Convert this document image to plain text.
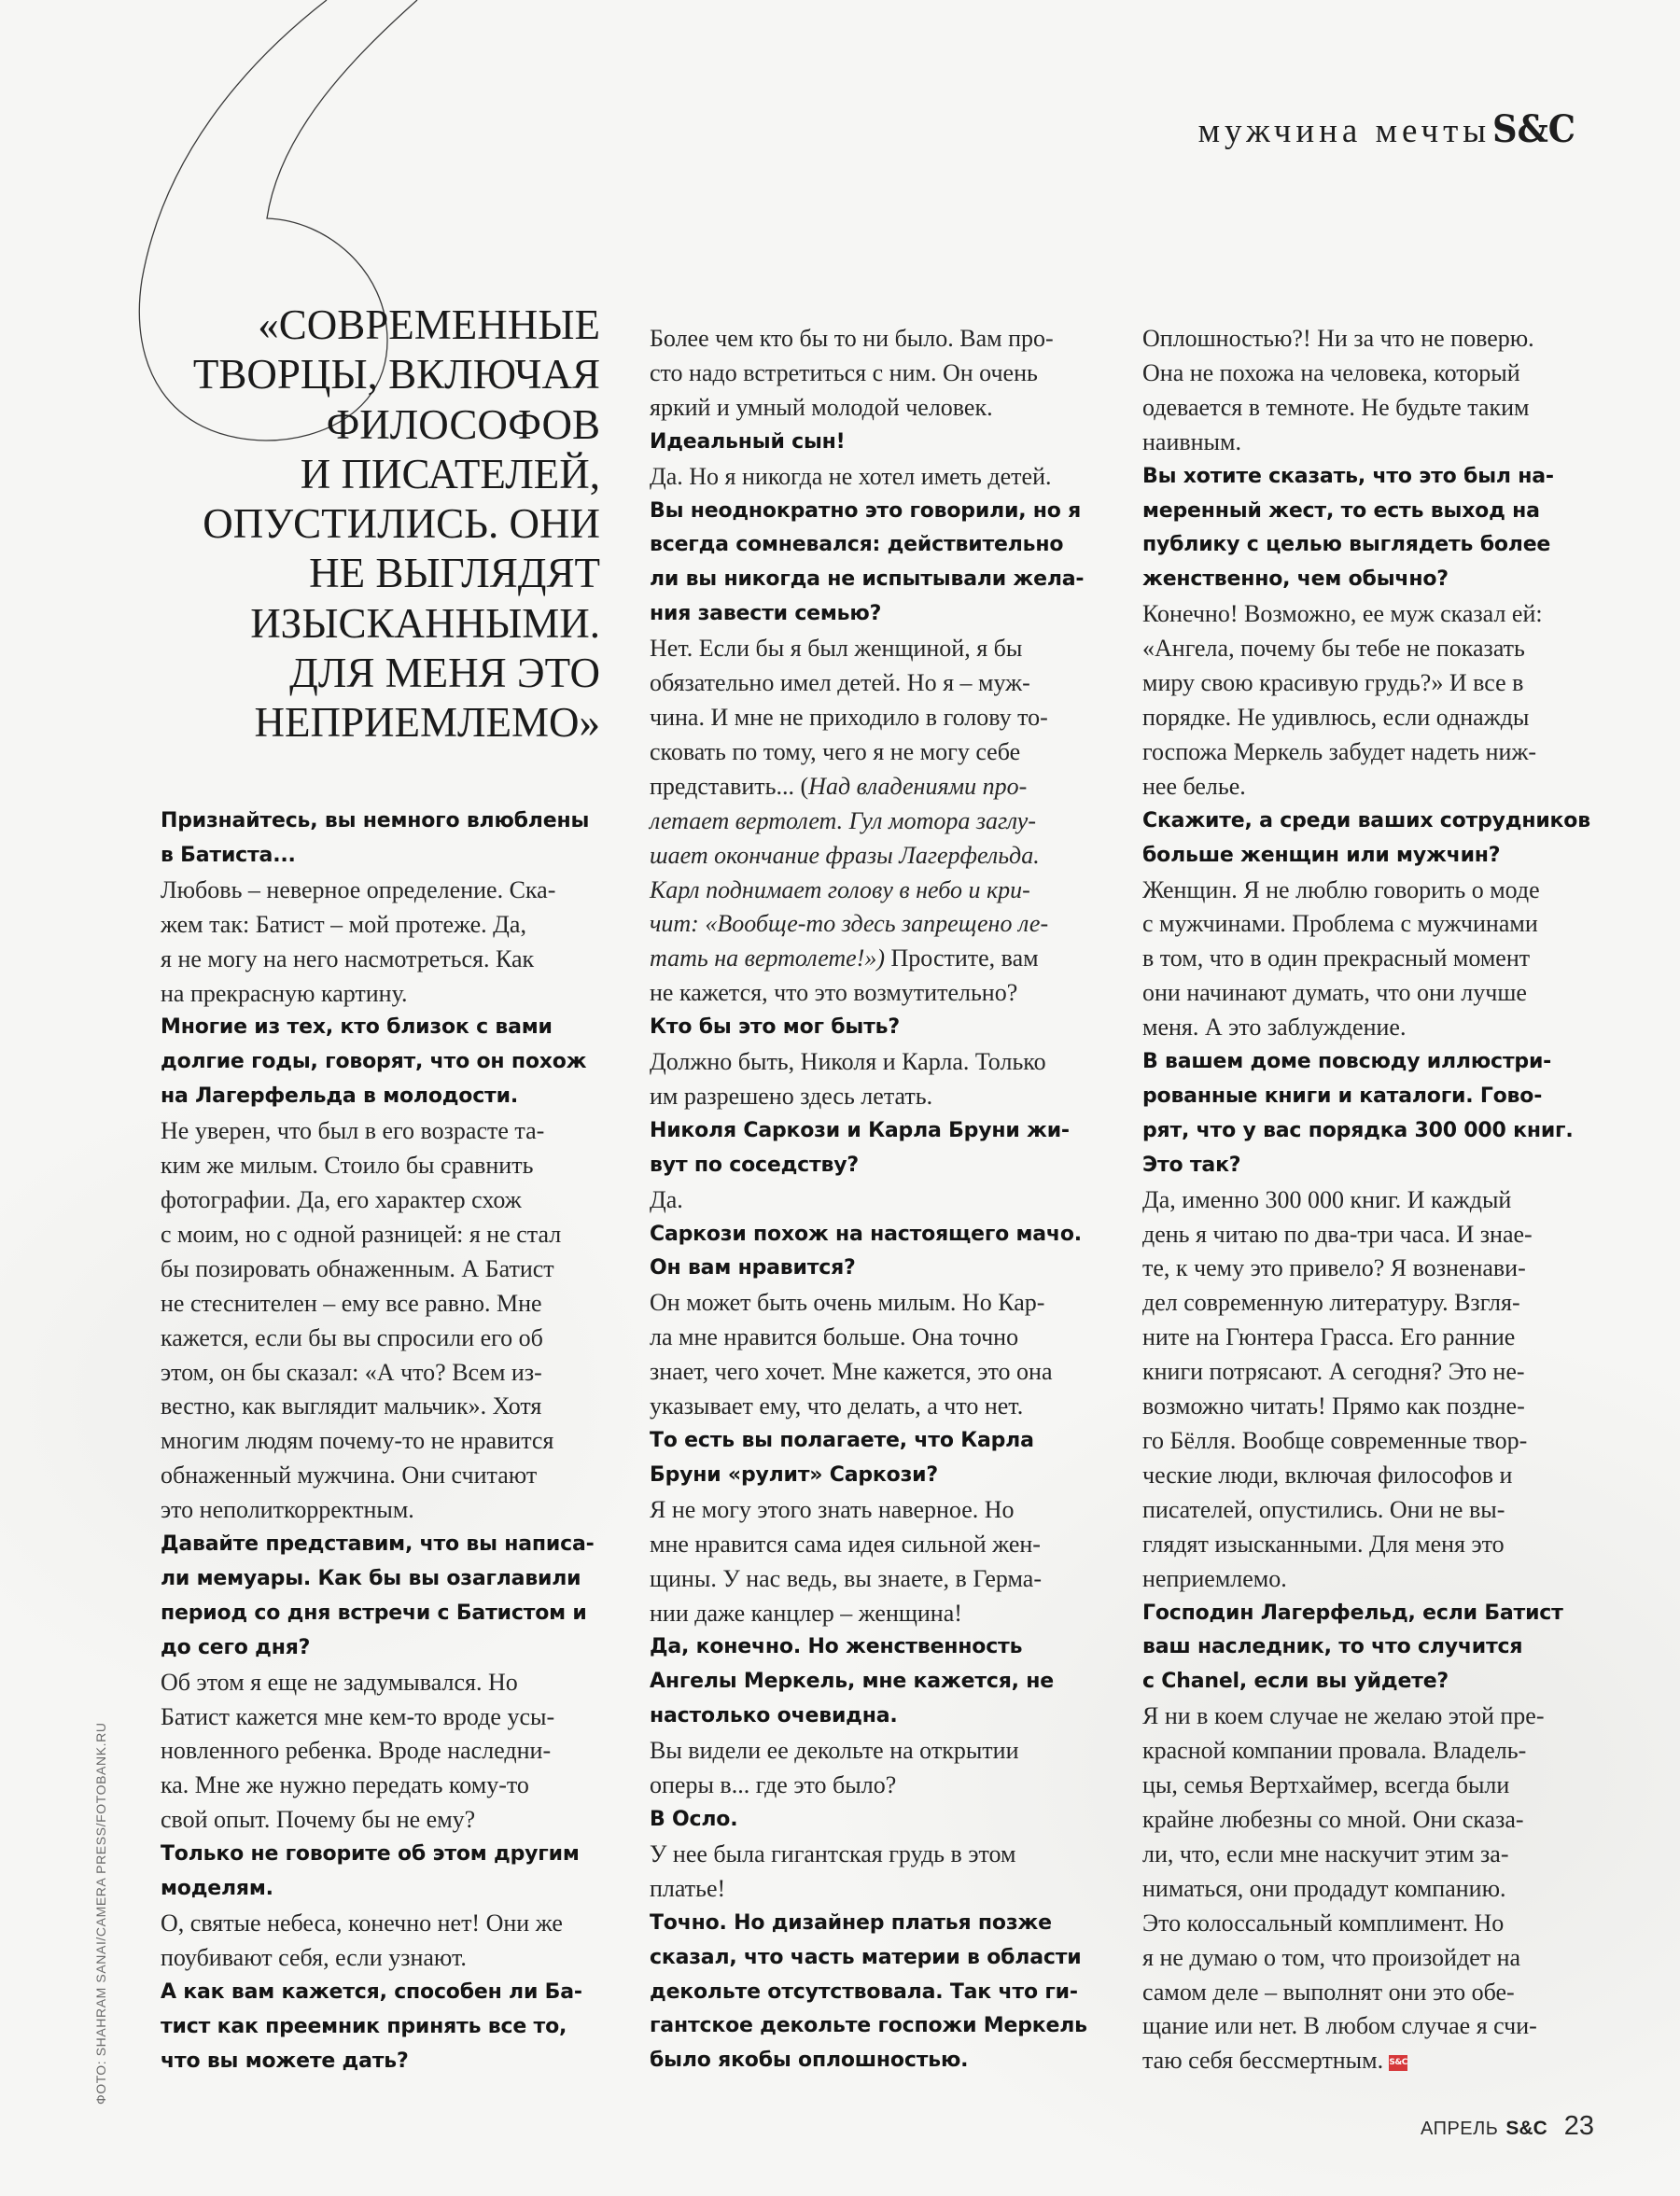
мужчина мечты S&C
«СОВРЕМЕННЫЕ
ТВОРЦЫ, ВКЛЮЧАЯ
ФИЛОСОФОВ
И ПИСАТЕЛЕЙ,
ОПУСТИЛИСЬ. ОНИ
НЕ ВЫГЛЯДЯТ
ИЗЫСКАННЫМИ.
ДЛЯ МЕНЯ ЭТО
НЕПРИЕМЛЕМО»
Признайтесь, вы немного влюблены
в Батиста...
Любовь – неверное определение. Ска-
жем так: Батист – мой протеже. Да,
я не могу на него насмотреться. Как
на прекрасную картину.
Многие из тех, кто близок с вами
долгие годы, говорят, что он похож
на Лагерфельда в молодости.
Не уверен, что был в его возрасте та-
ким же милым. Стоило бы сравнить
фотографии. Да, его характер схож
с моим, но с одной разницей: я не стал
бы позировать обнаженным. А Батист
не стеснителен – ему все равно. Мне
кажется, если бы вы спросили его об
этом, он бы сказал: «А что? Всем из-
вестно, как выглядит мальчик». Хотя
многим людям почему-то не нравится
обнаженный мужчина. Они считают
это неполиткорректным.
Давайте представим, что вы написа-
ли мемуары. Как бы вы озаглавили
период со дня встречи с Батистом и
до сего дня?
Об этом я еще не задумывался. Но
Батист кажется мне кем-то вроде усы-
новленного ребенка. Вроде наследни-
ка. Мне же нужно передать кому-то
свой опыт. Почему бы не ему?
Только не говорите об этом другим
моделям.
О, святые небеса, конечно нет! Они же
поубивают себя, если узнают.
А как вам кажется, способен ли Ба-
тист как преемник принять все то,
что вы можете дать?
Более чем кто бы то ни было. Вам про-
сто надо встретиться с ним. Он очень
яркий и умный молодой человек.
Идеальный сын!
Да. Но я никогда не хотел иметь детей.
Вы неоднократно это говорили, но я
всегда сомневался: действительно
ли вы никогда не испытывали жела-
ния завести семью?
Нет. Если бы я был женщиной, я бы
обязательно имел детей. Но я – муж-
чина. И мне не приходило в голову то-
сковать по тому, чего я не могу себе
представить... (Над владениями про-
летает вертолет. Гул мотора заглу-
шает окончание фразы Лагерфельда.
Карл поднимает голову в небо и кри-
чит: «Вообще-то здесь запрещено ле-
тать на вертолете!») Простите, вам
не кажется, что это возмутительно?
Кто бы это мог быть?
Должно быть, Николя и Карла. Только
им разрешено здесь летать.
Николя Саркози и Карла Бруни жи-
вут по соседству?
Да.
Саркози похож на настоящего мачо.
Он вам нравится?
Он может быть очень милым. Но Кар-
ла мне нравится больше. Она точно
знает, чего хочет. Мне кажется, это она
указывает ему, что делать, а что нет.
То есть вы полагаете, что Карла
Бруни «рулит» Саркози?
Я не могу этого знать наверное. Но
мне нравится сама идея сильной жен-
щины. У нас ведь, вы знаете, в Герма-
нии даже канцлер – женщина!
Да, конечно. Но женственность
Ангелы Меркель, мне кажется, не
настолько очевидна.
Вы видели ее декольте на открытии
оперы в... где это было?
В Осло.
У нее была гигантская грудь в этом
платье!
Точно. Но дизайнер платья позже
сказал, что часть материи в области
декольте отсутствовала. Так что ги-
гантское декольте госпожи Меркель
было якобы оплошностью.
Оплошностью?! Ни за что не поверю.
Она не похожа на человека, который
одевается в темноте. Не будьте таким
наивным.
Вы хотите сказать, что это был на-
меренный жест, то есть выход на
публику с целью выглядеть более
женственно, чем обычно?
Конечно! Возможно, ее муж сказал ей:
«Ангела, почему бы тебе не показать
миру свою красивую грудь?» И все в
порядке. Не удивлюсь, если однажды
госпожа Меркель забудет надеть ниж-
нее белье.
Скажите, а среди ваших сотрудников
больше женщин или мужчин?
Женщин. Я не люблю говорить о моде
с мужчинами. Проблема с мужчинами
в том, что в один прекрасный момент
они начинают думать, что они лучше
меня. А это заблуждение.
В вашем доме повсюду иллюстри-
рованные книги и каталоги. Гово-
рят, что у вас порядка 300 000 книг.
Это так?
Да, именно 300 000 книг. И каждый
день я читаю по два-три часа. И знае-
те, к чему это привело? Я возненави-
дел современную литературу. Взгля-
ните на Гюнтера Грасса. Его ранние
книги потрясают. А сегодня? Это не-
возможно читать! Прямо как поздне-
го Бёлля. Вообще современные твор-
ческие люди, включая философов и
писателей, опустились. Они не вы-
глядят изысканными. Для меня это
неприемлемо.
Господин Лагерфельд, если Батист
ваш наследник, то что случится
с Chanel, если вы уйдете?
Я ни в коем случае не желаю этой пре-
красной компании провала. Владель-
цы, семья Вертхаймер, всегда были
крайне любезны со мной. Они сказа-
ли, что, если мне наскучит этим за-
ниматься, они продадут компанию.
Это колоссальный комплимент. Но
я не думаю о том, что произойдет на
самом деле – выполнят они это обе-
щание или нет. В любом случае я счи-
таю себя бессмертным. S&C
ФОТО: SHAHRAM SANAI/CAMERA PRESS/FOTOBANK.RU
АПРЕЛЬ S&C 23
